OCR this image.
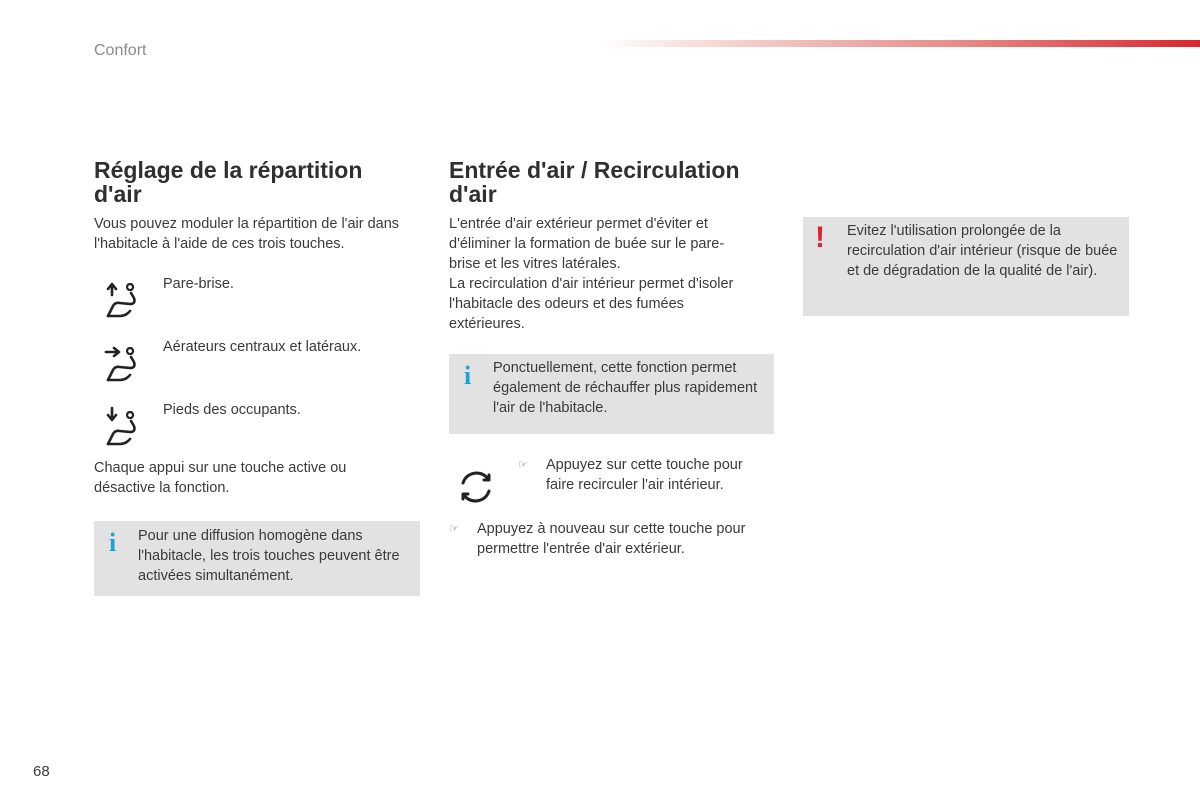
Confort
Réglage de la répartition d'air

Vous pouvez moduler la répartition de l'air dans l'habitacle à l'aide de ces trois touches.

Pare-brise.
Aérateurs centraux et latéraux.
Pieds des occupants.

Chaque appui sur une touche active ou désactive la fonction.

i Pour une diffusion homogène dans l'habitacle, les trois touches peuvent être activées simultanément.

Entrée d'air / Recirculation d'air

L'entrée d'air extérieur permet d'éviter et d'éliminer la formation de buée sur le pare-brise et les vitres latérales.

La recirculation d'air intérieur permet d'isoler l'habitacle des odeurs et des fumées extérieures.

i Ponctuellement, cette fonction permet également de réchauffer plus rapidement l'air de l'habitacle.

☞ Appuyez sur cette touche pour faire recirculer l'air intérieur.

☞ Appuyez à nouveau sur cette touche pour permettre l'entrée d'air extérieur.

! Evitez l'utilisation prolongée de la recirculation d'air intérieur (risque de buée et de dégradation de la qualité de l'air).

68
